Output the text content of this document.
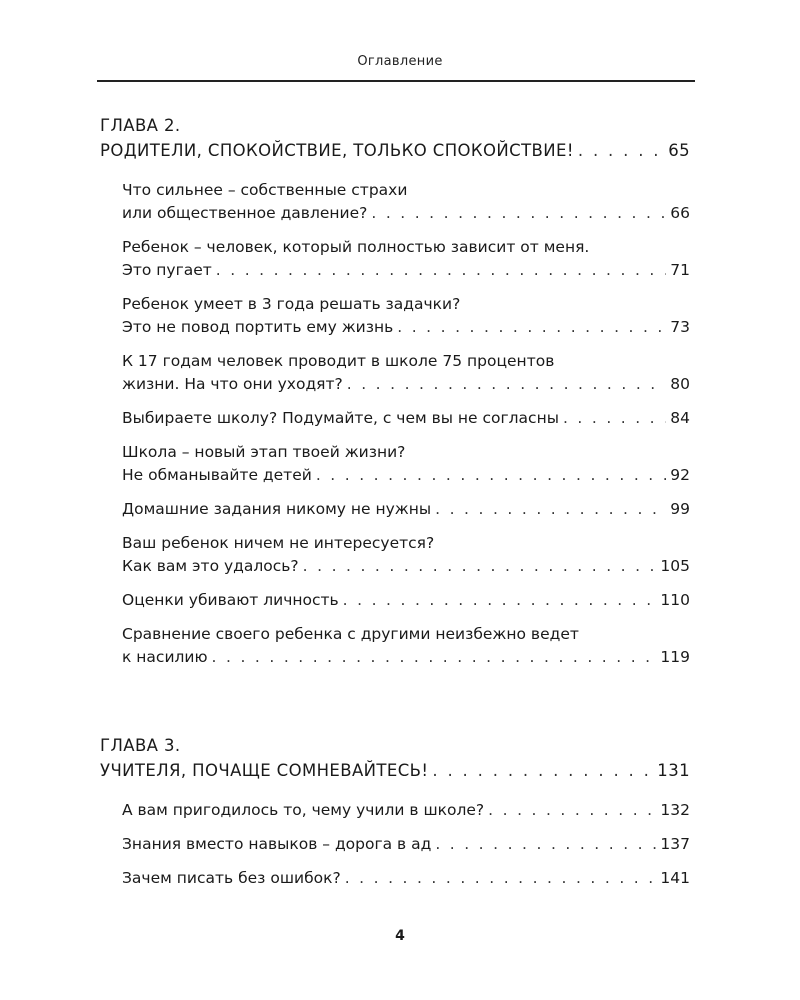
Оглавление
ГЛАВА 2.
РОДИТЕЛИ, СПОКОЙСТВИЕ, ТОЛЬКО СПОКОЙСТВИЕ! . . .	65
Что сильнее – собственные страхи
или общественное давление? . . .	66
Ребенок – человек, который полностью зависит от меня.
Это пугает . . .	71
Ребенок умеет в 3 года решать задачки?
Это не повод портить ему жизнь . . .	73
К 17 годам человек проводит в школе 75 процентов
жизни. На что они уходят? . . .	80
Выбираете школу? Подумайте, с чем вы не согласны . . .	84
Школа – новый этап твоей жизни?
Не обманывайте детей . . .	92
Домашние задания никому не нужны . . .	99
Ваш ребенок ничем не интересуется?
Как вам это удалось? . . .	105
Оценки убивают личность . . .	110
Сравнение своего ребенка с другими неизбежно ведет
к насилию . . .	119
ГЛАВА 3.
УЧИТЕЛЯ, ПОЧАЩЕ СОМНЕВАЙТЕСЬ! . . .	131
А вам пригодилось то, чему учили в школе? . . .	132
Знания вместо навыков – дорога в ад . . .	137
Зачем писать без ошибок? . . .	141
4
